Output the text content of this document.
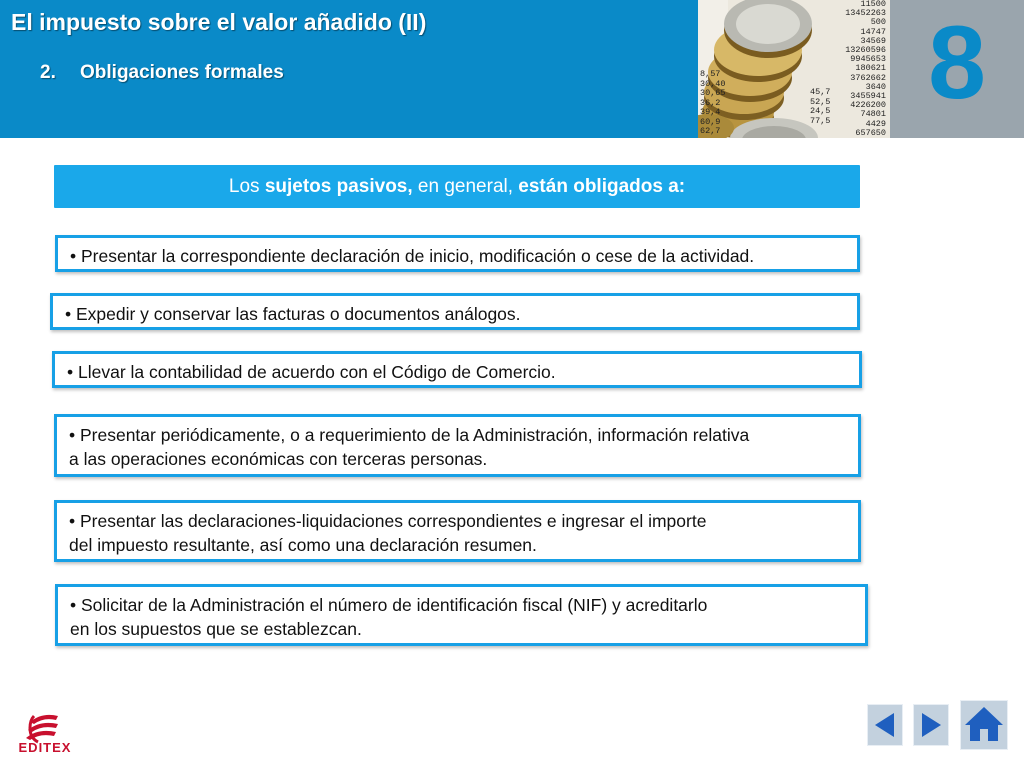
El impuesto sobre el valor añadido (II)
2. Obligaciones formales
11500
13452263
500
14747
34569
13260596
9945653
180621
3762662
3640
3455941
4226200
74801
4429
657650
8,57
30,40
30,65
36,2
39,4
60,9
62,7
45,7
52,5
24,5
77,5 8
Los sujetos pasivos, en general, están obligados a:
• Presentar la correspondiente declaración de inicio, modificación o cese de la actividad.
• Expedir y conservar las facturas o documentos análogos.
• Llevar la contabilidad de acuerdo con el Código de Comercio.
• Presentar periódicamente, o a requerimiento de la Administración, información relativa
a las operaciones económicas con terceras personas.
• Presentar las declaraciones-liquidaciones correspondientes e ingresar el importe
del impuesto resultante, así como una declaración resumen.
• Solicitar de la Administración el número de identificación fiscal (NIF) y acreditarlo
en los supuestos que se establezcan.
EDITEX
